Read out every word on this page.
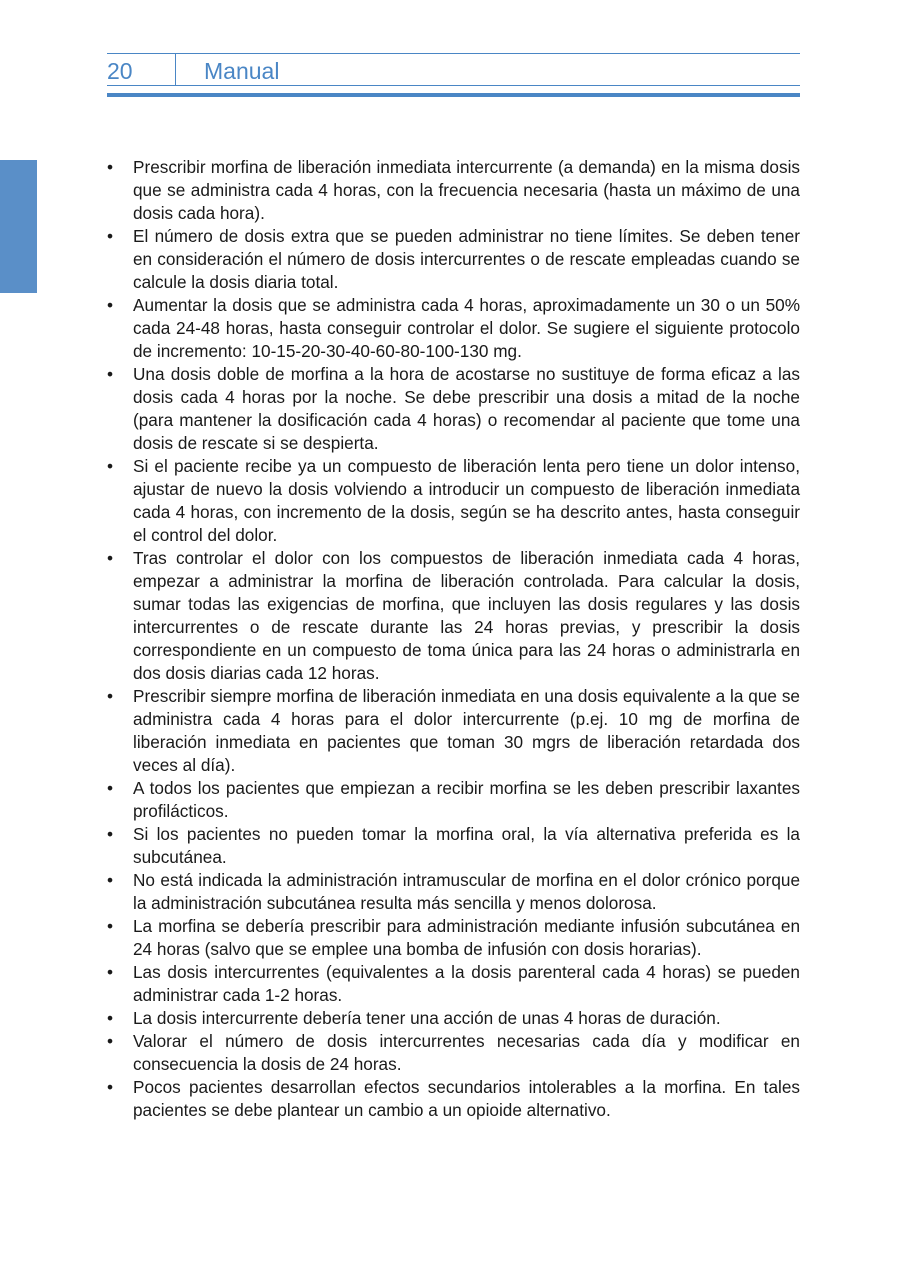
20	Manual
•	Prescribir morfina de liberación inmediata intercurrente (a demanda) en la misma dosis que se administra cada 4 horas, con la frecuencia necesaria (hasta un máximo de una dosis cada hora).
•	El número de dosis extra que se pueden administrar no tiene límites. Se deben tener en consideración el número de dosis intercurrentes o de rescate empleadas cuando se calcule la dosis diaria total.
•	Aumentar la dosis que se administra cada 4 horas, aproximadamente un 30 o un 50% cada 24-48 horas, hasta conseguir controlar el dolor. Se sugiere el siguiente protocolo de incremento: 10-15-20-30-40-60-80-100-130 mg.
•	Una dosis doble de morfina a la hora de acostarse no sustituye de forma eficaz a las dosis cada 4 horas por la noche. Se debe prescribir una dosis a mitad de la noche (para mantener la dosificación cada 4 horas) o recomendar al paciente que tome una dosis de rescate si se despierta.
•	Si el paciente recibe ya un compuesto de liberación lenta pero tiene un dolor intenso, ajustar de nuevo la dosis volviendo a introducir un compuesto de liberación inmediata cada 4 horas, con incremento de la dosis, según se ha descrito antes, hasta conseguir el control del dolor.
•	Tras controlar el dolor con los compuestos de liberación inmediata cada 4 horas, empezar a administrar la morfina de liberación controlada. Para calcular la dosis, sumar todas las exigencias de morfina, que incluyen las dosis regulares y las dosis intercurrentes o de rescate durante las 24 horas previas, y prescribir la dosis correspondiente en un compuesto de toma única para las 24 horas o administrarla en dos dosis diarias cada 12 horas.
•	Prescribir siempre morfina de liberación inmediata en una dosis equivalente a la que se administra cada 4 horas para el dolor intercurrente (p.ej. 10 mg de morfina de liberación inmediata en pacientes que toman 30 mgrs de liberación retardada dos veces al día).
•	A todos los pacientes que empiezan a recibir morfina se les deben prescribir laxantes profilácticos.
•	Si los pacientes no pueden tomar la morfina oral, la vía alternativa preferida es la subcutánea.
•	No está indicada la administración intramuscular de morfina en el dolor crónico porque la administración subcutánea resulta más sencilla y menos dolorosa.
•	La morfina se debería prescribir para administración mediante infusión subcutánea en 24 horas (salvo que se emplee una bomba de infusión con dosis horarias).
•	Las dosis intercurrentes (equivalentes a la dosis parenteral cada 4 horas) se pueden administrar cada 1-2 horas.
•	La dosis intercurrente debería tener una acción de unas 4 horas de duración.
•	Valorar el número de dosis intercurrentes necesarias cada día y modificar en consecuencia la dosis de 24 horas.
•	Pocos pacientes desarrollan efectos secundarios intolerables a la morfina. En tales pacientes se debe plantear un cambio a un opioide alternativo.
